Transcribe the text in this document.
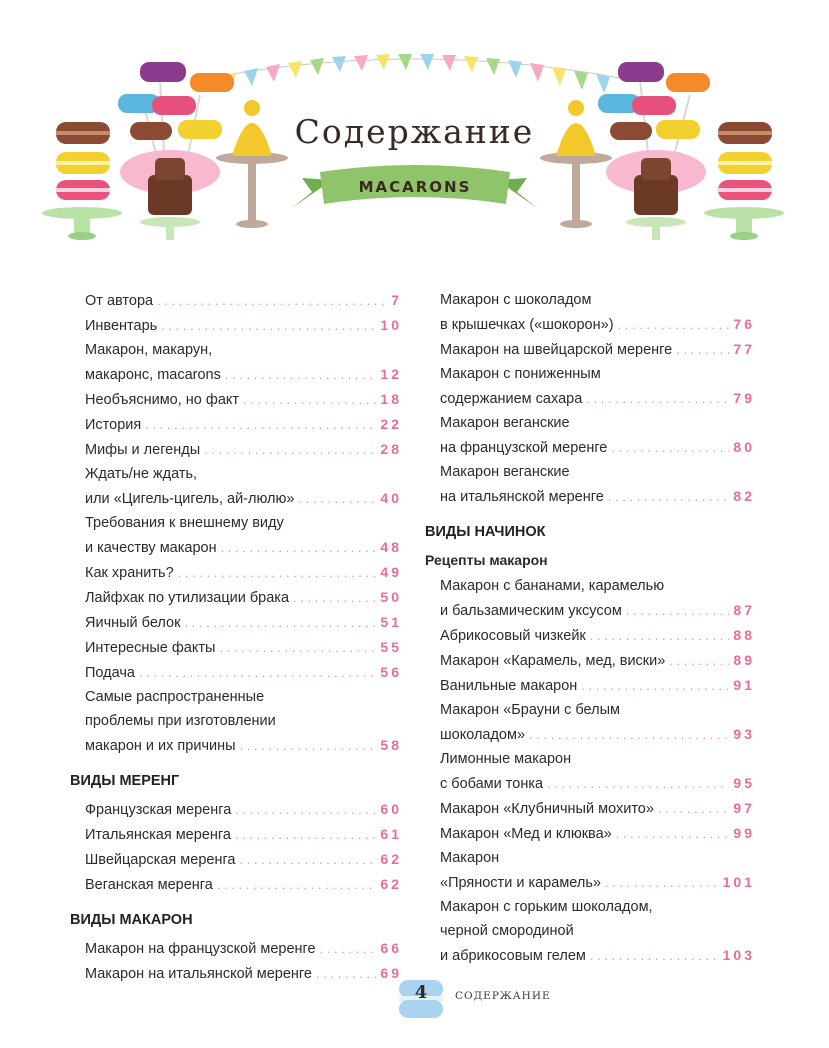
MACARONS
Содержание
От автора . . .	7
Инвентарь . . .	10
Макарон, макарун,
макаронс, macarons . . .	12
Необъяснимо, но факт . . .	18
История . . .	22
Мифы и легенды . . .	28
Ждать/не ждать,
или «Цигель-цигель, ай-люлю» . . .	40
Требования к внешнему виду
и качеству макарон . . .	48
Как хранить? . . .	49
Лайфхак по утилизации брака . . .	50
Яичный белок . . .	51
Интересные факты . . .	55
Подача . . .	56
Самые распространенные
проблемы при изготовлении
макарон и их причины . . .	58
ВИДЫ МЕРЕНГ
Французская меренга . . .	60
Итальянская меренга . . .	61
Швейцарская меренга . . .	62
Веганская меренга . . .	62
ВИДЫ МАКАРОН
Макарон на французской меренге . . .	66
Макарон на итальянской меренге . . .	69
Макарон с шоколадом
в крышечках («шокорон») . . .	76
Макарон на швейцарской меренге . . .	77
Макарон с пониженным
содержанием сахара . . .	79
Макарон веганские
на французской меренге . . .	80
Макарон веганские
на итальянской меренге . . .	82
ВИДЫ НАЧИНОК
Рецепты макарон
Макарон с бананами, карамелью
и бальзамическим уксусом . . .	87
Абрикосовый чизкейк . . .	88
Макарон «Карамель, мед, виски» . . .	89
Ванильные макарон . . .	91
Макарон «Брауни с белым
шоколадом» . . .	93
Лимонные макарон
с бобами тонка . . .	95
Макарон «Клубничный мохито» . . .	97
Макарон «Мед и клюква» . . .	99
Макарон
«Пряности и карамель» . . .	101
Макарон с горьким шоколадом,
черной смородиной
и абрикосовым гелем . . .	103
4	СОДЕРЖАНИЕ
